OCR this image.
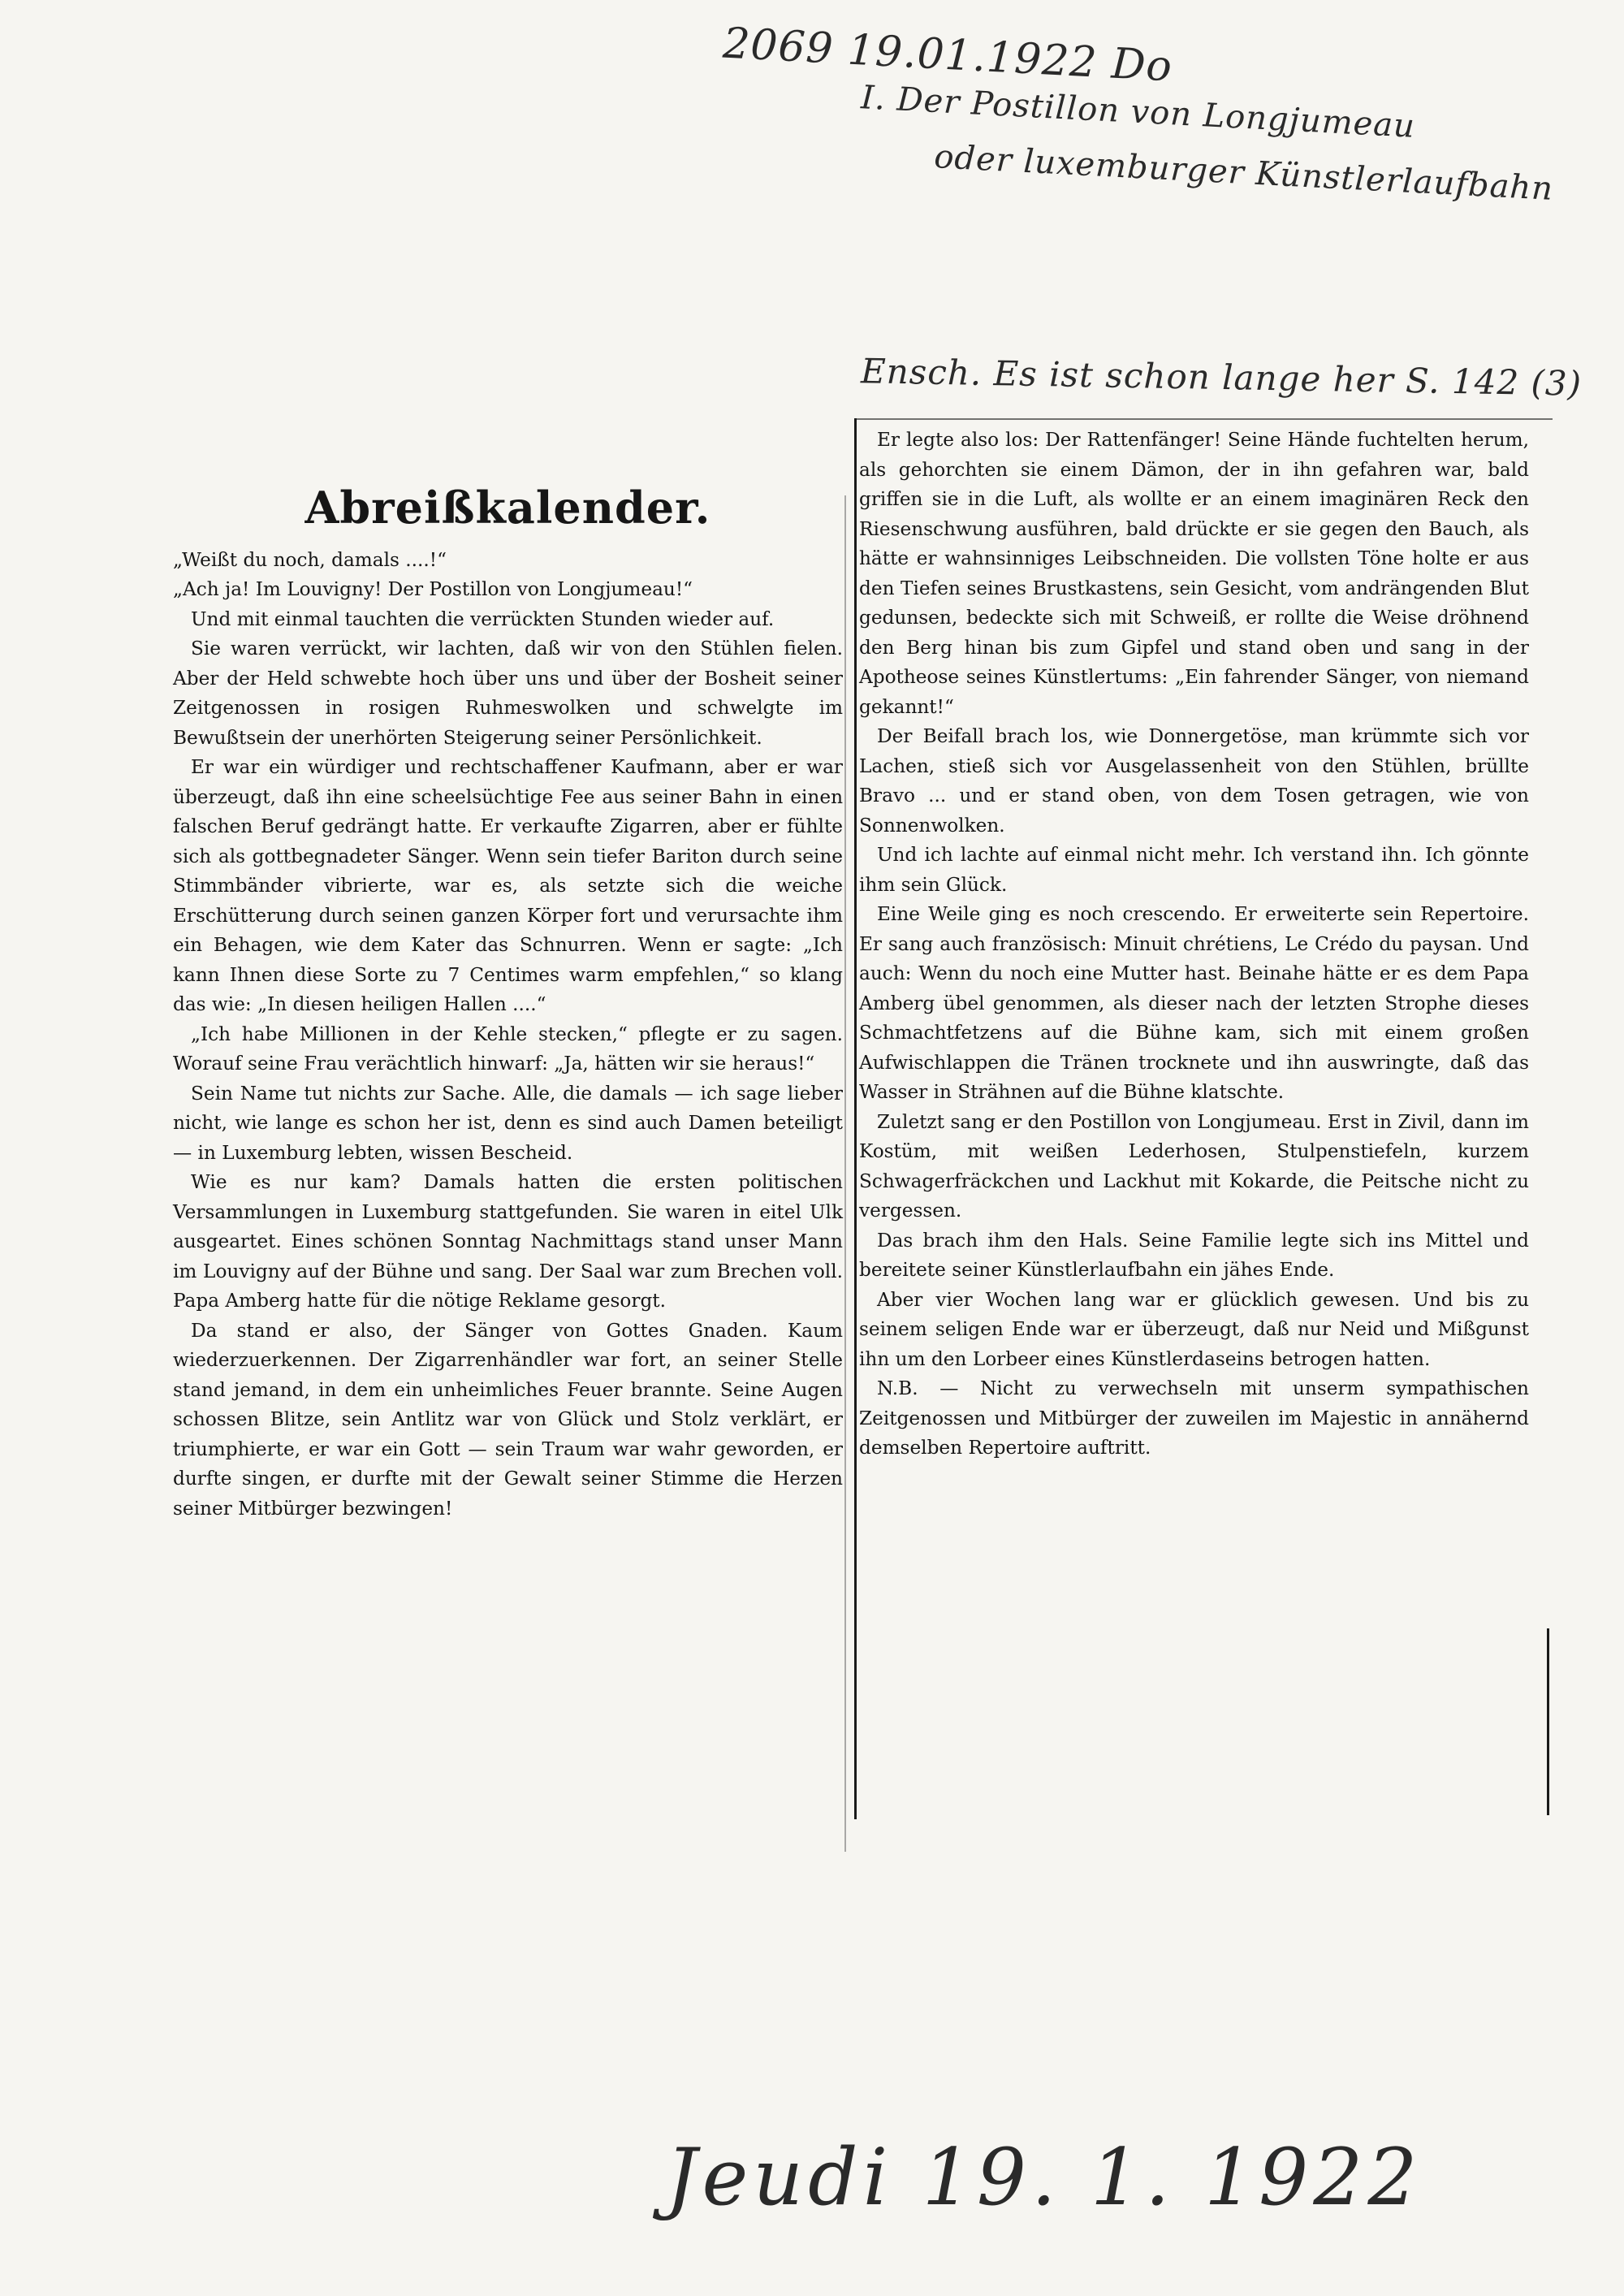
2069 19.01.1922 Do
I. Der Postillon von Longjumeau
oder luxemburger Künstlerlaufbahn
Ensch. Es ist schon lange her S. 142 (3)
Abreißkalender.

„Weißt du noch, damals ....!“

„Ach ja! Im Louvigny! Der Postillon von Longjumeau!“

Und mit einmal tauchten die verrückten Stunden wieder auf.

Sie waren verrückt, wir lachten, daß wir von den Stühlen fielen. Aber der Held schwebte hoch über uns und über der Bosheit seiner Zeitgenossen in rosigen Ruhmeswolken und schwelgte im Bewußtsein der unerhörten Steigerung seiner Persönlichkeit.

Er war ein würdiger und rechtschaffener Kaufmann, aber er war überzeugt, daß ihn eine scheelsüchtige Fee aus seiner Bahn in einen falschen Beruf gedrängt hatte. Er verkaufte Zigarren, aber er fühlte sich als gottbegnadeter Sänger. Wenn sein tiefer Bariton durch seine Stimmbänder vibrierte, war es, als setzte sich die weiche Erschütterung durch seinen ganzen Körper fort und verursachte ihm ein Behagen, wie dem Kater das Schnurren. Wenn er sagte: „Ich kann Ihnen diese Sorte zu 7 Centimes warm empfehlen,“ so klang das wie: „In diesen heiligen Hallen ....“

„Ich habe Millionen in der Kehle stecken,“ pflegte er zu sagen. Worauf seine Frau verächtlich hinwarf: „Ja, hätten wir sie heraus!“

Sein Name tut nichts zur Sache. Alle, die damals — ich sage lieber nicht, wie lange es schon her ist, denn es sind auch Damen beteiligt — in Luxemburg lebten, wissen Bescheid.

Wie es nur kam? Damals hatten die ersten politischen Versammlungen in Luxemburg stattgefunden. Sie waren in eitel Ulk ausgeartet. Eines schönen Sonntag Nachmittags stand unser Mann im Louvigny auf der Bühne und sang. Der Saal war zum Brechen voll. Papa Amberg hatte für die nötige Reklame gesorgt.

Da stand er also, der Sänger von Gottes Gnaden. Kaum wiederzuerkennen. Der Zigarrenhändler war fort, an seiner Stelle stand jemand, in dem ein unheimliches Feuer brannte. Seine Augen schossen Blitze, sein Antlitz war von Glück und Stolz verklärt, er triumphierte, er war ein Gott — sein Traum war wahr geworden, er durfte singen, er durfte mit der Gewalt seiner Stimme die Herzen seiner Mitbürger bezwingen!

Er legte also los: Der Rattenfänger! Seine Hände fuchtelten herum, als gehorchten sie einem Dämon, der in ihn gefahren war, bald griffen sie in die Luft, als wollte er an einem imaginären Reck den Riesenschwung ausführen, bald drückte er sie gegen den Bauch, als hätte er wahnsinniges Leibschneiden. Die vollsten Töne holte er aus den Tiefen seines Brustkastens, sein Gesicht, vom andrängenden Blut gedunsen, bedeckte sich mit Schweiß, er rollte die Weise dröhnend den Berg hinan bis zum Gipfel und stand oben und sang in der Apotheose seines Künstlertums: „Ein fahrender Sänger, von niemand gekannt!“

Der Beifall brach los, wie Donnergetöse, man krümmte sich vor Lachen, stieß sich vor Ausgelassenheit von den Stühlen, brüllte Bravo ... und er stand oben, von dem Tosen getragen, wie von Sonnenwolken.

Und ich lachte auf einmal nicht mehr. Ich verstand ihn. Ich gönnte ihm sein Glück.

Eine Weile ging es noch crescendo. Er erweiterte sein Repertoire. Er sang auch französisch: Minuit chrétiens, Le Crédo du paysan. Und auch: Wenn du noch eine Mutter hast. Beinahe hätte er es dem Papa Amberg übel genommen, als dieser nach der letzten Strophe dieses Schmachtfetzens auf die Bühne kam, sich mit einem großen Aufwischlappen die Tränen trocknete und ihn auswringte, daß das Wasser in Strähnen auf die Bühne klatschte.

Zuletzt sang er den Postillon von Longjumeau. Erst in Zivil, dann im Kostüm, mit weißen Lederhosen, Stulpenstiefeln, kurzem Schwagerfräckchen und Lackhut mit Kokarde, die Peitsche nicht zu vergessen.

Das brach ihm den Hals. Seine Familie legte sich ins Mittel und bereitete seiner Künstlerlaufbahn ein jähes Ende.

Aber vier Wochen lang war er glücklich gewesen. Und bis zu seinem seligen Ende war er überzeugt, daß nur Neid und Mißgunst ihn um den Lorbeer eines Künstlerdaseins betrogen hatten.

N.B. — Nicht zu verwechseln mit unserm sympathischen Zeitgenossen und Mitbürger der zuweilen im Majestic in annähernd demselben Repertoire auftritt.

Jeudi 19. 1. 1922
